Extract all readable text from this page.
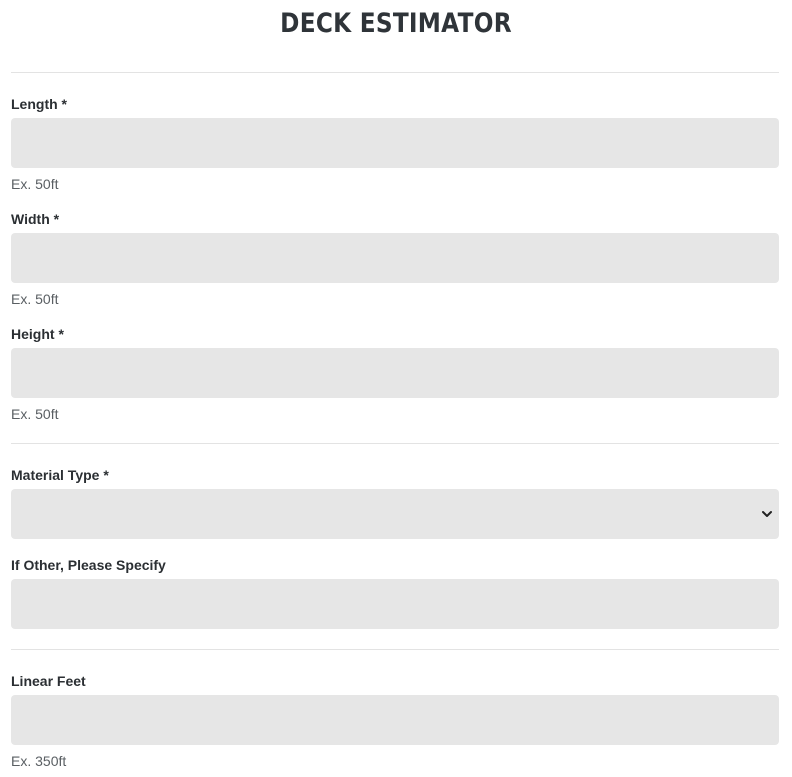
DECK ESTIMATOR
Length *
Ex. 50ft
Width *
Ex. 50ft
Height *
Ex. 50ft
Material Type *
If Other, Please Specify
Linear Feet
Ex. 350ft
